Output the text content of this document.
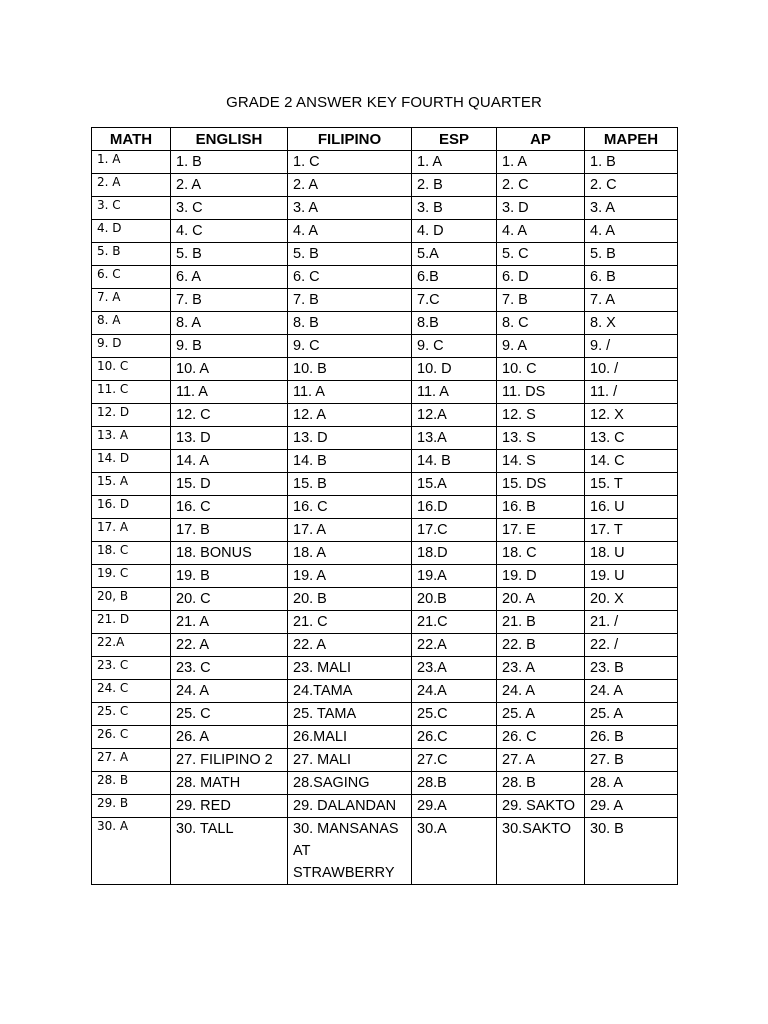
GRADE 2 ANSWER KEY FOURTH QUARTER
MATH	ENGLISH	FILIPINO	ESP	AP	MAPEH
1. A	1. B	1. C	1. A	1. A	1. B
2. A	2. A	2. A	2. B	2. C	2. C
3. C	3. C	3. A	3. B	3. D	3. A
4. D	4. C	4. A	4. D	4. A	4. A
5. B	5. B	5. B	5.A	5. C	5. B
6. C	6. A	6. C	6.B	6. D	6. B
7. A	7. B	7. B	7.C	7. B	7. A
8. A	8. A	8. B	8.B	8. C	8. X
9. D	9. B	9. C	9. C	9. A	9. /
10. C	10. A	10. B	10. D	10. C	10. /
11. C	11. A	11. A	11. A	11. DS	11. /
12. D	12. C	12. A	12.A	12. S	12. X
13. A	13. D	13. D	13.A	13. S	13. C
14. D	14. A	14. B	14. B	14. S	14. C
15. A	15. D	15. B	15.A	15. DS	15. T
16. D	16. C	16. C	16.D	16. B	16. U
17. A	17. B	17. A	17.C	17. E	17. T
18. C	18. BONUS	18. A	18.D	18. C	18. U
19. C	19. B	19. A	19.A	19. D	19. U
20, B	20. C	20. B	20.B	20. A	20. X
21. D	21. A	21. C	21.C	21. B	21. /
22.A	22. A	22. A	22.A	22. B	22. /
23. C	23. C	23. MALI	23.A	23. A	23. B
24. C	24. A	24.TAMA	24.A	24. A	24. A
25. C	25. C	25. TAMA	25.C	25. A	25. A
26. C	26. A	26.MALI	26.C	26. C	26. B
27. A	27. FILIPINO 2	27. MALI	27.C	27. A	27. B
28. B	28. MATH	28.SAGING	28.B	28. B	28. A
29. B	29. RED	29. DALANDAN	29.A	29. SAKTO	29. A
30. A	30. TALL	30. MANSANAS AT STRAWBERRY	30.A	30.SAKTO	30. B
